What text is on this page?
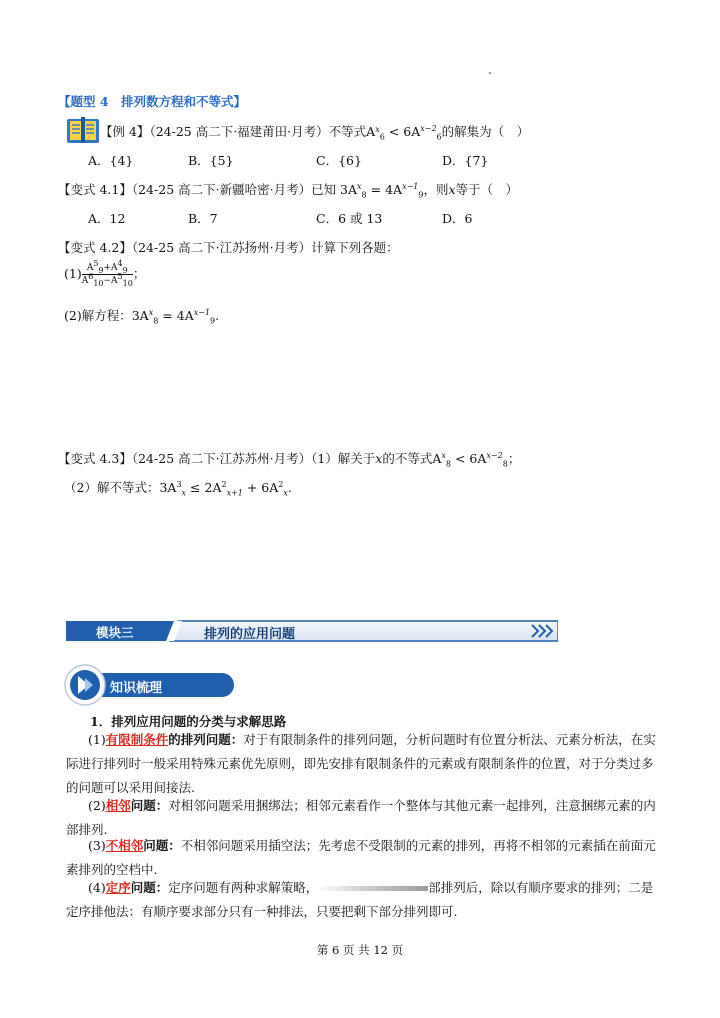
【题型 4　排列数方程和不等式】
【例 4】（24-25 高二下·福建莆田·月考）不等式$A^x_6 < 6A^{x-2}_6$的解集为（　）
A．{4}	B．{5}	C．{6}	D．{7}
【变式 4.1】（24-25 高二下·新疆哈密·月考）已知 $3A^x_8 = 4A^{x-1}_9$，则x等于（　）
A．12	B．7	C．6 或 13	D．6
【变式 4.2】（24-25 高二下·江苏扬州·月考）计算下列各题：
$(1) \frac{A^5_9+A^4_9}{A^6_{10}-A^5_{10}}$ ；
(2)解方程：$3A^x_8 = 4A^{x-1}_9$.
【变式 4.3】（24-25 高二下·江苏苏州·月考）（1）解关于x的不等式$A^x_8 < 6A^{x-2}_8$；
（2）解不等式：$3A^3_x \le 2A^2_{x+1} + 6A^2_x$.
模块三	排列的应用问题
知识梳理
1．排列应用问题的分类与求解思路
(1)有限制条件的排列问题：对于有限制条件的排列问题，分析问题时有位置分析法、元素分析法，在实际进行排列时一般采用特殊元素优先原则，即先安排有限制条件的元素或有限制条件的位置，对于分类过多的问题可以采用间接法.
(2)相邻问题：对相邻问题采用捆绑法；相邻元素看作一个整体与其他元素一起排列，注意捆绑元素的内部排列.
(3)不相邻问题：不相邻问题采用插空法；先考虑不受限制的元素的排列，再将不相邻的元素插在前面元素排列的空档中.
(4)定序问题：定序问题有两种求解策略，	部排列后，除以有顺序要求的排列；二是定序排他法：有顺序要求部分只有一种排法，只要把剩下部分排列即可.
第 6 页 共 12 页
